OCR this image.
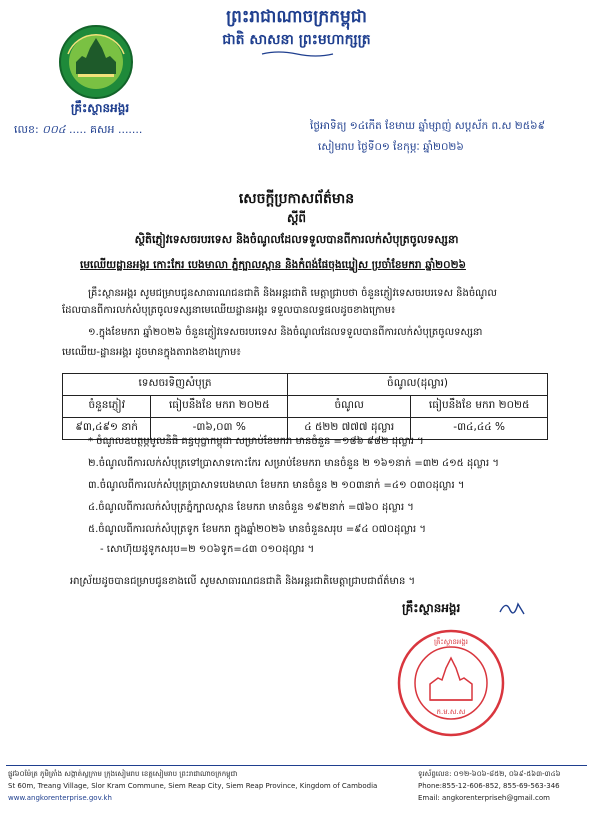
ព្រះរាជាណាចក្រកម្ពុជា
ជាតិ សាសនា ព្រះមហាក្សត្រ
គ្រឹះស្ថានអង្គរ
លេខ: ០០៤ ..... គសអ .......	ថ្ងៃអាទិត្យ ១៤កើត ខែមាឃ ឆ្នាំម្សាញ់ សប្តស័ក ព.ស ២៥៦៩
សៀមរាប ថ្ងៃទី០១ ខែកុម្ភៈ ឆ្នាំ២០២៦
សេចក្តីប្រកាសព័ត៌មាន
ស្តីពី
ស្ថិតិភ្ញៀវទេសចរបរទេស និងចំណូលដែលទទួលបានពីការលក់សំបុត្រចូលទស្សនា
មេឈើយដ្ឋានអង្គរ កោះកែរ បេងមាលា ភ្នំក្បាលស្ពាន និងកំពង់ផែចុងឃ្នៀស ប្រចាំខែមករា ឆ្នាំ២០២៦
គ្រឹះស្ថានអង្គរ សូមជម្រាបជូនសាធារណជនជាតិ និងអន្តរជាតិ មេត្តាជ្រាបថា ចំនួនភ្ញៀវទេសចរបរទេស និងចំណូល
ដែលបានពីការលក់សំបុត្រចូលទស្សនាមេឈើយដ្ឋានអង្គរ ទទួលបានលទ្ធផលដូចខាងក្រោម៖
១.ក្នុងខែមករា ឆ្នាំ២០២៦ ចំនួនភ្ញៀវទេសចរបរទេស និងចំណូលដែលទទួលបានពីការលក់សំបុត្រចូលទស្សនា
មេឈើយ-ដ្ឋានអង្គរ ដូចមានក្នុងតារាងខាងក្រោម៖
ទេសចរទិញសំបុត្រ		ចំណូល(ដុល្លារ)	
ចំនួនភ្ញៀវ	ធៀបនឹងខែ មករា ២០២៥	ចំណូល	ធៀបនឹងខែ មករា ២០២៥
៩៣,៤៩១ នាក់	-៣៦,០៣ %	៤ ៥២២ ៧៧៧ ដុល្លារ	-៣៤,៤៤ %
* ចំណូលឧបត្ថម្ភមូលនិធិ គន្ធបុប្ផាកម្ពុជា សម្រាប់ខែមករា មានចំនួន =១៨៦ ៩៨២ ដុល្លារ ។
២.ចំណូលពីការលក់សំបុត្រទៅប្រាសាទកោះកែរ សម្រាប់ខែមករា មានចំនួន ២ ១៦១នាក់ =៣២ ៤១៥ ដុល្លារ ។
៣.ចំណូលពីការលក់សំបុត្រប្រាសាទបេងមាលា ខែមករា មានចំនួន ២ ១០៣នាក់ =៤១ ០៣០ដុល្លារ ។
៤.ចំណូលពីការលក់សំបុត្រភ្នំក្បាលស្ពាន ខែមករា មានចំនួន ១៩២នាក់ =៧៦០ ដុល្លារ ។
៥.ចំណូលពីការលក់សំបុត្រទូក ខែមករា ក្នុងឆ្នាំ២០២៦ មានចំនួនសរុប =៩៤ ០៧០ដុល្លារ ។
- សោហ៊ុយដូទូកសរុប=២ ១០៦ទូក=៤៣ ០១០ដុល្លារ ។
អាស្រ័យដូចបានជម្រាបជូនខាងលើ សូមសាធារណជនជាតិ និងអន្តរជាតិមេត្តាជ្រាបជាព័ត៌មាន ។
គ្រឹះស្ថានអង្គរ
ក.ម.ស.ស
គ្រឹះស្ថានអង្គរ
ផ្លូវ៦០ម៉ែត្រ ភូមិត្រាំង សង្កាត់ស្លក្រាម ក្រុងសៀមរាប ខេត្តសៀមរាប ព្រះរាជាណាចក្រកម្ពុជា
St 60m, Treang Village, Slor Kram Commune, Siem Reap City, Siem Reap Province, Kingdom of Cambodia
www.angkorenterprise.gov.kh
ទូរស័ព្ទលេខ: ០១២-៦០៦-៨៥២, ០៦៩-៥៦៣-៣៤៦
Phone:855-12-606-852, 855-69-563-346
Email: angkorenterpriseh@gmail.com
